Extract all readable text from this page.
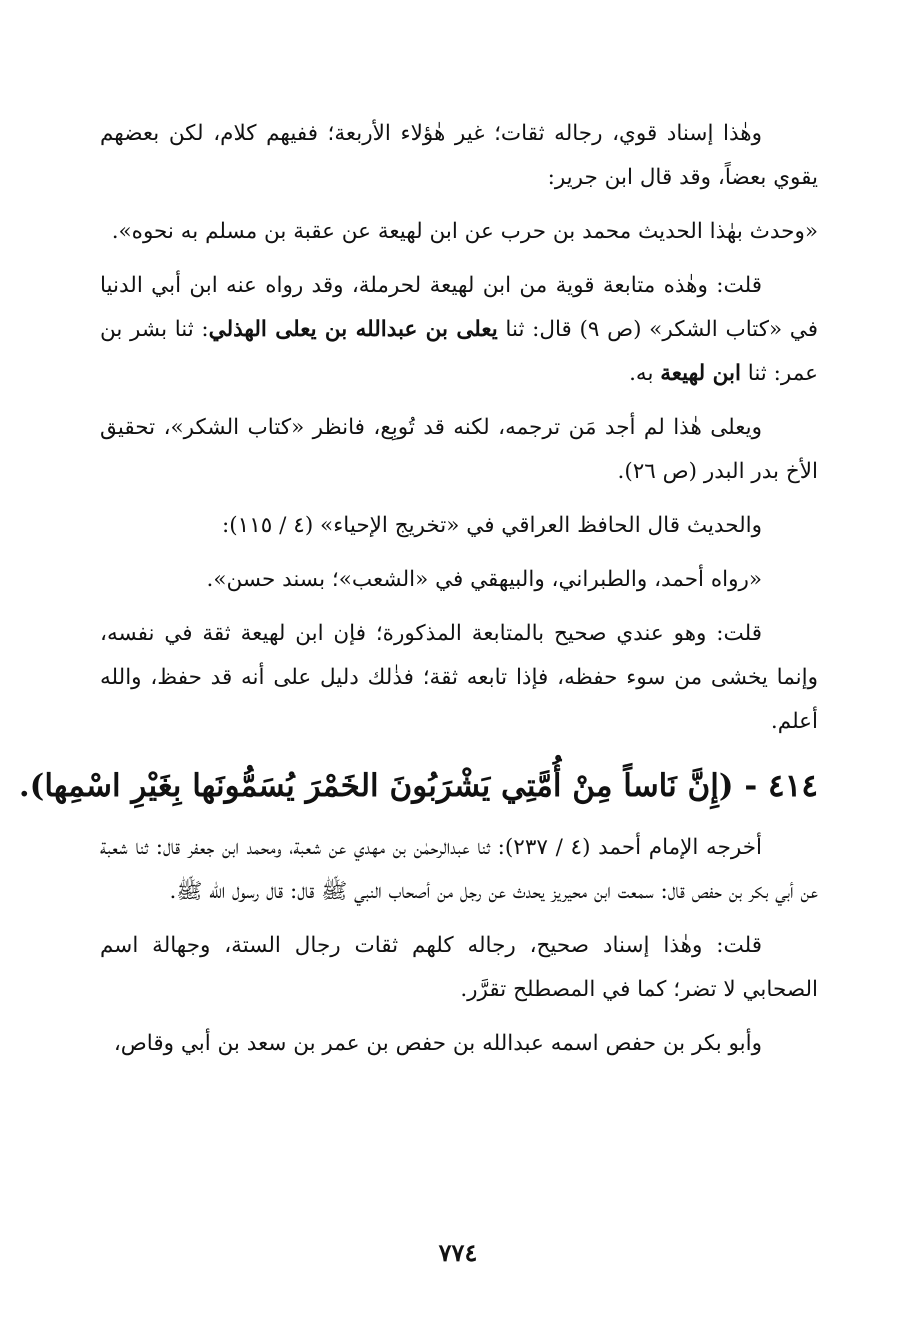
وهٰذا إسناد قوي، رجاله ثقات؛ غير هٰؤلاء الأربعة؛ ففيهم كلام، لكن بعضهم يقوي بعضاً، وقد قال ابن جرير:

«وحدث بهٰذا الحديث محمد بن حرب عن ابن لهيعة عن عقبة بن مسلم به نحوه».

قلت: وهٰذه متابعة قوية من ابن لهيعة لحرملة، وقد رواه عنه ابن أبي الدنيا في «كتاب الشكر» (ص ٩) قال: ثنا يعلى بن عبدالله بن يعلى الهذلي: ثنا بشر بن عمر: ثنا ابن لهيعة به.

ويعلى هٰذا لم أجد مَن ترجمه، لكنه قد تُوبِع، فانظر «كتاب الشكر»، تحقيق الأخ بدر البدر (ص ٢٦).

والحديث قال الحافظ العراقي في «تخريج الإحياء» (٤ / ١١٥):

«رواه أحمد، والطبراني، والبيهقي في «الشعب»؛ بسند حسن».

قلت: وهو عندي صحيح بالمتابعة المذكورة؛ فإن ابن لهيعة ثقة في نفسه، وإنما يخشى من سوء حفظه، فإذا تابعه ثقة؛ فذٰلك دليل على أنه قد حفظ، والله أعلم.

٤١٤ - (إِنَّ نَاساً مِنْ أُمَّتِي يَشْرَبُونَ الخَمْرَ يُسَمُّونَها بِغَيْرِ اسْمِها).

أخرجه الإمام أحمد (٤ / ٢٣٧): ثنا عبدالرحمٰن بن مهدي عن شعبة، ومحمد ابن جعفر قال: ثنا شعبة عن أبي بكر بن حفص قال: سمعت ابن محيريز يحدث عن رجل من أصحاب النبي ﷺ قال: قال رسول الله ﷺ.

قلت: وهٰذا إسناد صحيح، رجاله كلهم ثقات رجال الستة، وجهالة اسم الصحابي لا تضر؛ كما في المصطلح تقرَّر.

وأبو بكر بن حفص اسمه عبدالله بن حفص بن عمر بن سعد بن أبي وقاص،

٧٧٤
